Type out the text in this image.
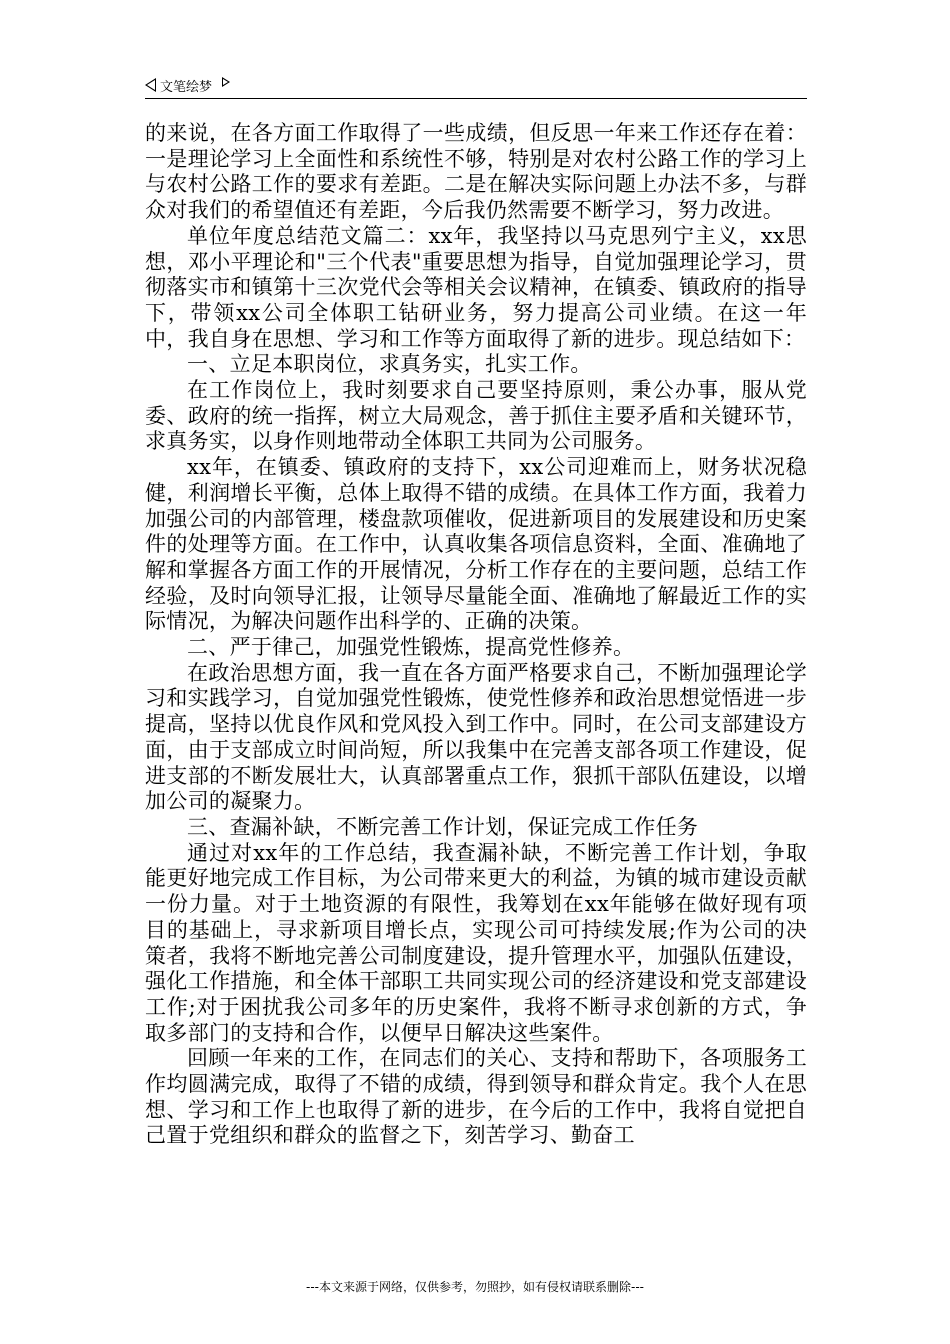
文笔绘梦

的来说，在各方面工作取得了一些成绩，但反思一年来工作还存在着：一是理论学习上全面性和系统性不够，特别是对农村公路工作的学习上与农村公路工作的要求有差距。二是在解决实际问题上办法不多，与群众对我们的希望值还有差距，今后我仍然需要不断学习，努力改进。

单位年度总结范文篇二：xx年，我坚持以马克思列宁主义，xx思想，邓小平理论和"三个代表"重要思想为指导，自觉加强理论学习，贯彻落实市和镇第十三次党代会等相关会议精神，在镇委、镇政府的指导下，带领xx公司全体职工钻研业务，努力提高公司业绩。在这一年中，我自身在思想、学习和工作等方面取得了新的进步。现总结如下：

一、立足本职岗位，求真务实，扎实工作。

在工作岗位上，我时刻要求自己要坚持原则，秉公办事，服从党委、政府的统一指挥，树立大局观念，善于抓住主要矛盾和关键环节，求真务实，以身作则地带动全体职工共同为公司服务。

xx年，在镇委、镇政府的支持下，xx公司迎难而上，财务状况稳健，利润增长平衡，总体上取得不错的成绩。在具体工作方面，我着力加强公司的内部管理，楼盘款项催收，促进新项目的发展建设和历史案件的处理等方面。在工作中，认真收集各项信息资料，全面、准确地了解和掌握各方面工作的开展情况，分析工作存在的主要问题，总结工作经验，及时向领导汇报，让领导尽量能全面、准确地了解最近工作的实际情况，为解决问题作出科学的、正确的决策。

二、严于律己，加强党性锻炼，提高党性修养。

在政治思想方面，我一直在各方面严格要求自己，不断加强理论学习和实践学习，自觉加强党性锻炼，使党性修养和政治思想觉悟进一步提高，坚持以优良作风和党风投入到工作中。同时，在公司支部建设方面，由于支部成立时间尚短，所以我集中在完善支部各项工作建设，促进支部的不断发展壮大，认真部署重点工作，狠抓干部队伍建设，以增加公司的凝聚力。

三、查漏补缺，不断完善工作计划，保证完成工作任务

通过对xx年的工作总结，我查漏补缺，不断完善工作计划，争取能更好地完成工作目标，为公司带来更大的利益，为镇的城市建设贡献一份力量。对于土地资源的有限性，我筹划在xx年能够在做好现有项目的基础上，寻求新项目增长点，实现公司可持续发展;作为公司的决策者，我将不断地完善公司制度建设，提升管理水平，加强队伍建设，强化工作措施，和全体干部职工共同实现公司的经济建设和党支部建设工作;对于困扰我公司多年的历史案件，我将不断寻求创新的方式，争取多部门的支持和合作，以便早日解决这些案件。

回顾一年来的工作，在同志们的关心、支持和帮助下，各项服务工作均圆满完成，取得了不错的成绩，得到领导和群众肯定。我个人在思想、学习和工作上也取得了新的进步，在今后的工作中，我将自觉把自己置于党组织和群众的监督之下，刻苦学习、勤奋工

---本文来源于网络，仅供参考，勿照抄，如有侵权请联系删除---
